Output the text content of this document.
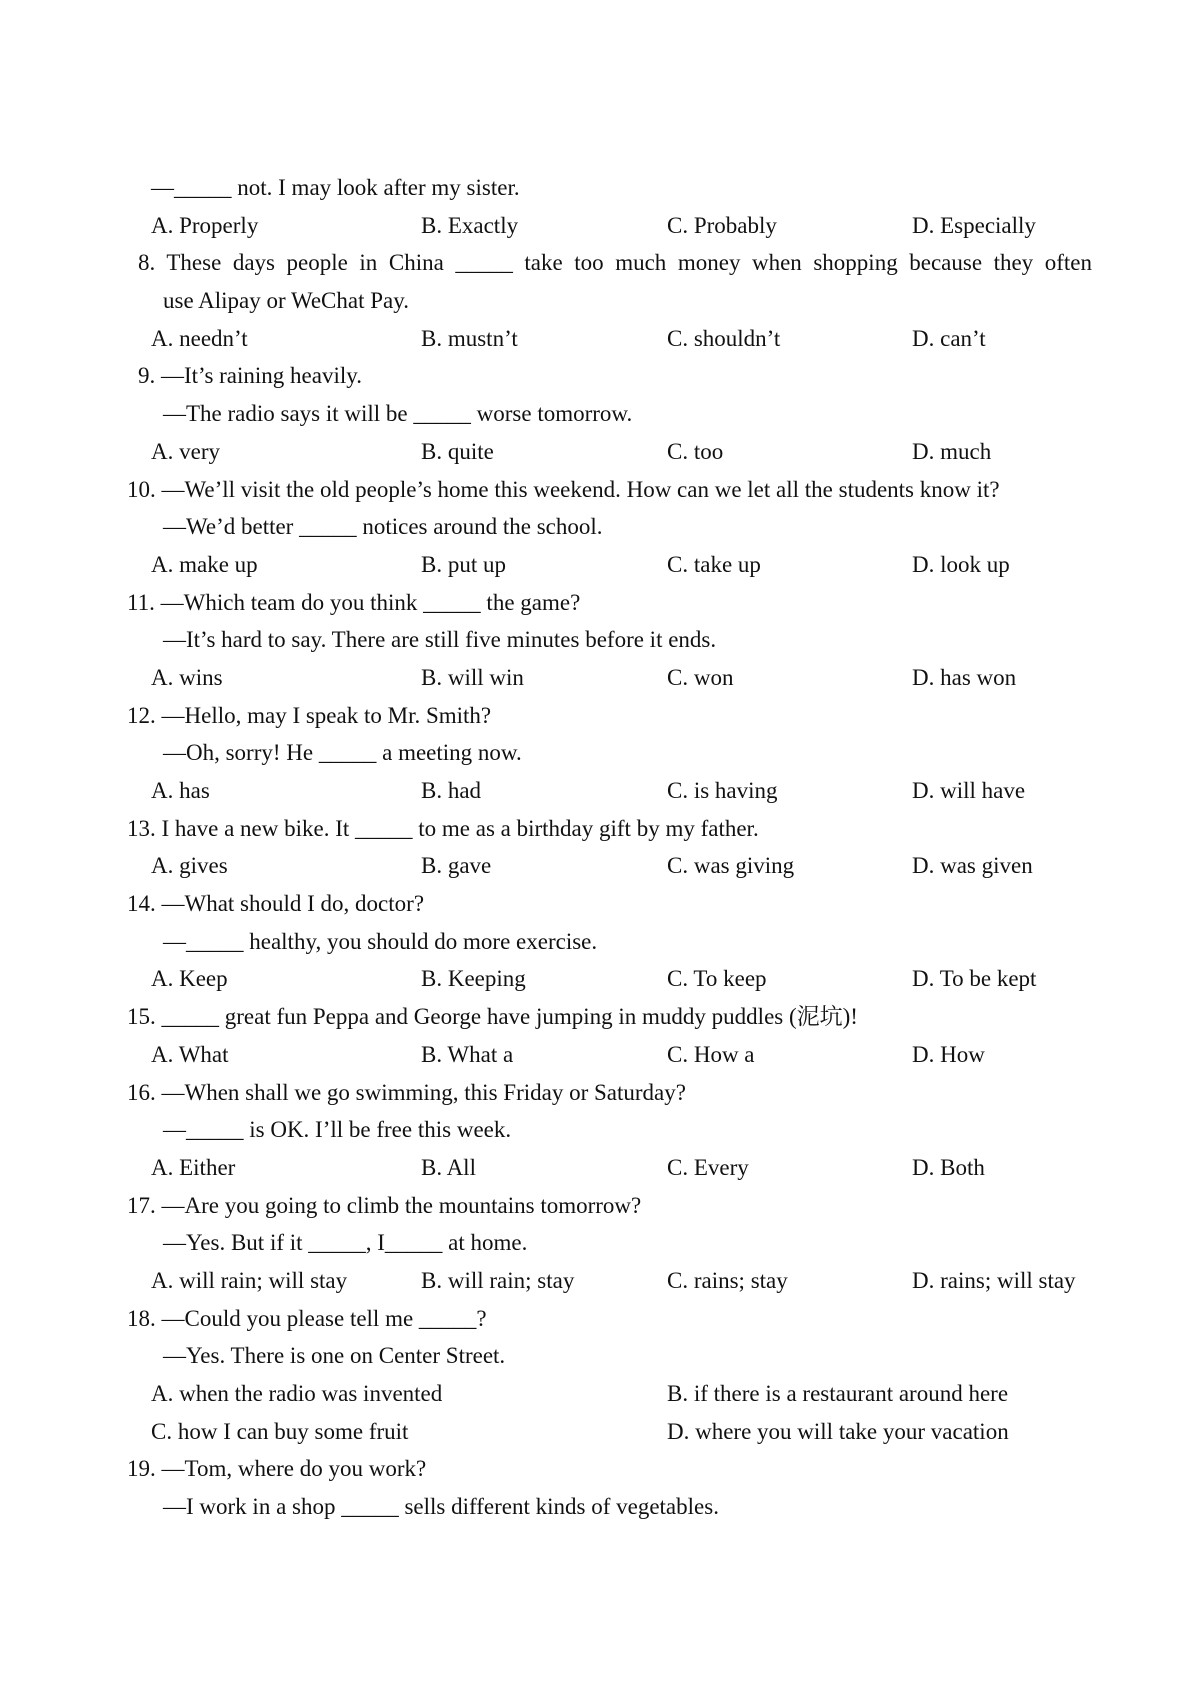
—_____ not. I may look after my sister.
A. Properly	B. Exactly	C. Probably	D. Especially
8. These days people in China _____ take too much money when shopping because they often
use Alipay or WeChat Pay.
A. needn’t	B. mustn’t	C. shouldn’t	D. can’t
9. —It’s raining heavily.
—The radio says it will be _____ worse tomorrow.
A. very	B. quite	C. too	D. much
10. —We’ll visit the old people’s home this weekend. How can we let all the students know it?
—We’d better _____ notices around the school.
A. make up	B. put up	C. take up	D. look up
11. —Which team do you think _____ the game?
—It’s hard to say. There are still five minutes before it ends.
A. wins	B. will win	C. won	D. has won
12. —Hello, may I speak to Mr. Smith?
—Oh, sorry! He _____ a meeting now.
A. has	B. had	C. is having	D. will have
13. I have a new bike. It _____ to me as a birthday gift by my father.
A. gives	B. gave	C. was giving	D. was given
14. —What should I do, doctor?
—_____ healthy, you should do more exercise.
A. Keep	B. Keeping	C. To keep	D. To be kept
15. _____ great fun Peppa and George have jumping in muddy puddles (泥坑)!
A. What	B. What a	C. How a	D. How
16. —When shall we go swimming, this Friday or Saturday?
—_____ is OK. I’ll be free this week.
A. Either	B. All	C. Every	D. Both
17. —Are you going to climb the mountains tomorrow?
—Yes. But if it _____, I_____ at home.
A. will rain; will stay	B. will rain; stay	C. rains; stay	D. rains; will stay
18. —Could you please tell me _____?
—Yes. There is one on Center Street.
A. when the radio was invented	B. if there is a restaurant around here
C. how I can buy some fruit	D. where you will take your vacation
19. —Tom, where do you work?
—I work in a shop _____ sells different kinds of vegetables.
